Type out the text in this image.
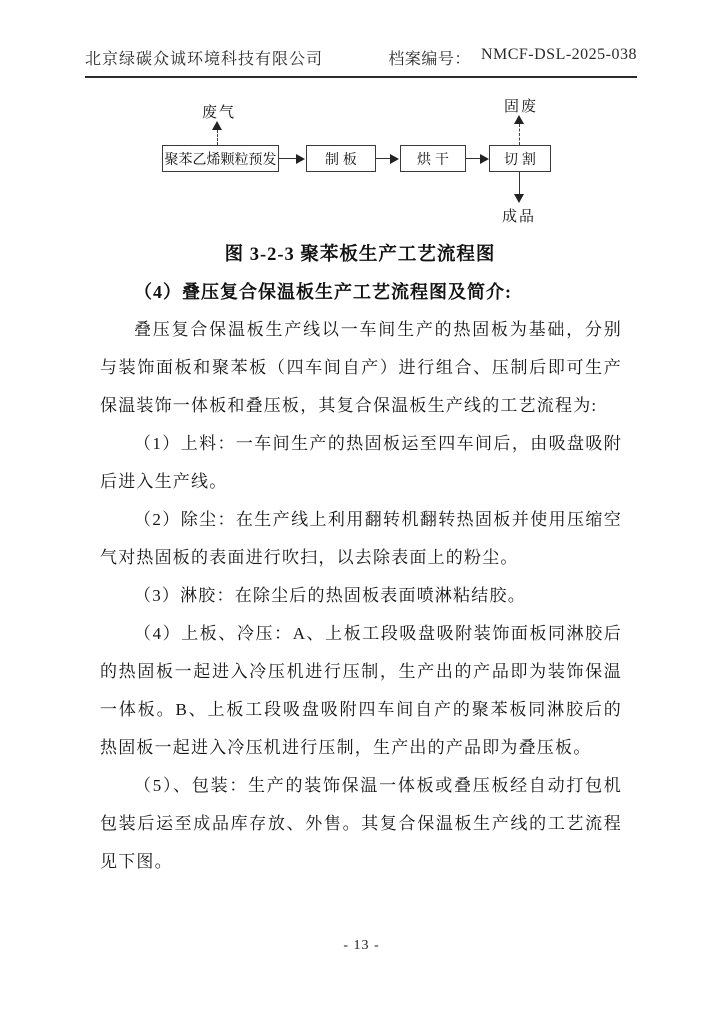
北京绿碳众诚环境科技有限公司	档案编号： NMCF-DSL-2025-038
废气
聚苯乙烯颗粒预发	制 板	烘 干	切 割
固废
成品
图 3-2-3 聚苯板生产工艺流程图
（4）叠压复合保温板生产工艺流程图及简介:

叠压复合保温板生产线以一车间生产的热固板为基础，分别与装饰面板和聚苯板（四车间自产）进行组合、压制后即可生产保温装饰一体板和叠压板，其复合保温板生产线的工艺流程为:

（1）上料：一车间生产的热固板运至四车间后，由吸盘吸附后进入生产线。

（2）除尘：在生产线上利用翻转机翻转热固板并使用压缩空气对热固板的表面进行吹扫，以去除表面上的粉尘。

（3）淋胶：在除尘后的热固板表面喷淋粘结胶。

（4）上板、冷压：A、上板工段吸盘吸附装饰面板同淋胶后的热固板一起进入冷压机进行压制，生产出的产品即为装饰保温一体板。B、上板工段吸盘吸附四车间自产的聚苯板同淋胶后的热固板一起进入冷压机进行压制，生产出的产品即为叠压板。

（5）、包装：生产的装饰保温一体板或叠压板经自动打包机包装后运至成品库存放、外售。其复合保温板生产线的工艺流程见下图。

- 13 -
